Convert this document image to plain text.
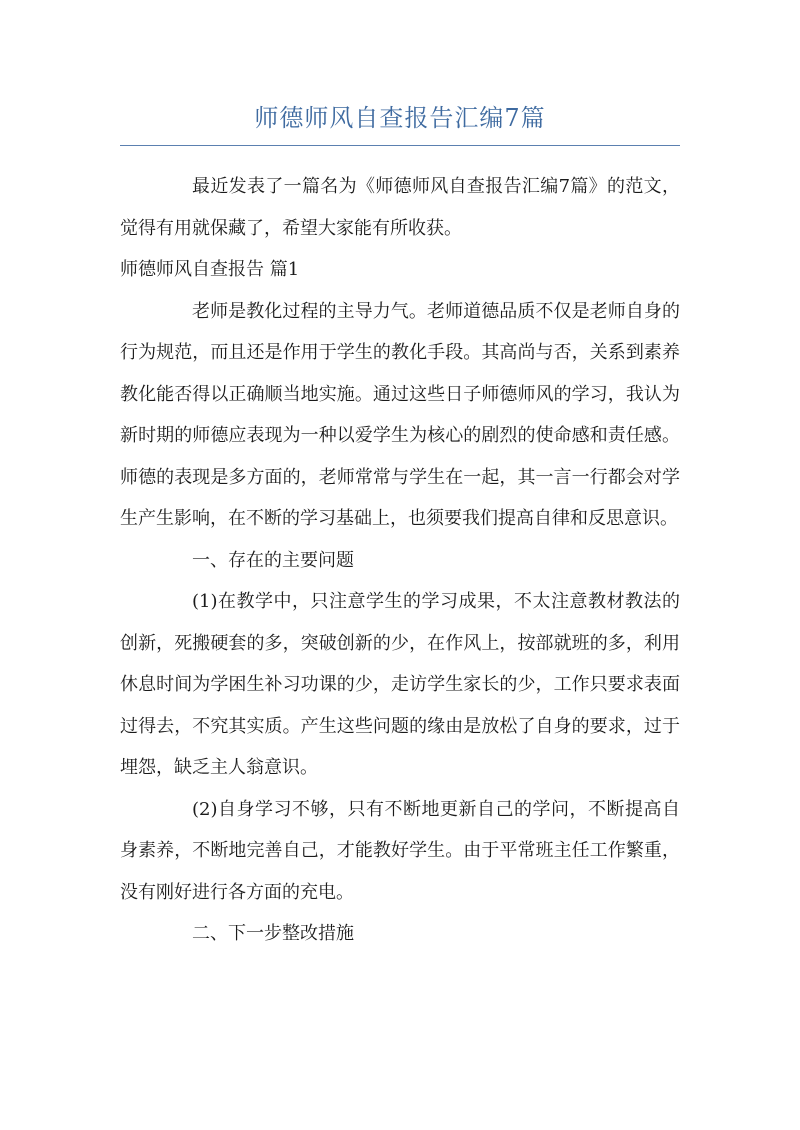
师德师风自查报告汇编7篇

最近发表了一篇名为《师德师风自查报告汇编7篇》的范文，觉得有用就保藏了，希望大家能有所收获。

师德师风自查报告 篇1

老师是教化过程的主导力气。老师道德品质不仅是老师自身的行为规范，而且还是作用于学生的教化手段。其高尚与否，关系到素养教化能否得以正确顺当地实施。通过这些日子师德师风的学习，我认为新时期的师德应表现为一种以爱学生为核心的剧烈的使命感和责任感。师德的表现是多方面的，老师常常与学生在一起，其一言一行都会对学生产生影响，在不断的学习基础上，也须要我们提高自律和反思意识。

一、存在的主要问题

(1)在教学中，只注意学生的学习成果，不太注意教材教法的创新，死搬硬套的多，突破创新的少，在作风上，按部就班的多，利用休息时间为学困生补习功课的少，走访学生家长的少，工作只要求表面过得去，不究其实质。产生这些问题的缘由是放松了自身的要求，过于埋怨，缺乏主人翁意识。

(2)自身学习不够，只有不断地更新自己的学问，不断提高自身素养，不断地完善自己，才能教好学生。由于平常班主任工作繁重，没有刚好进行各方面的充电。

二、下一步整改措施
